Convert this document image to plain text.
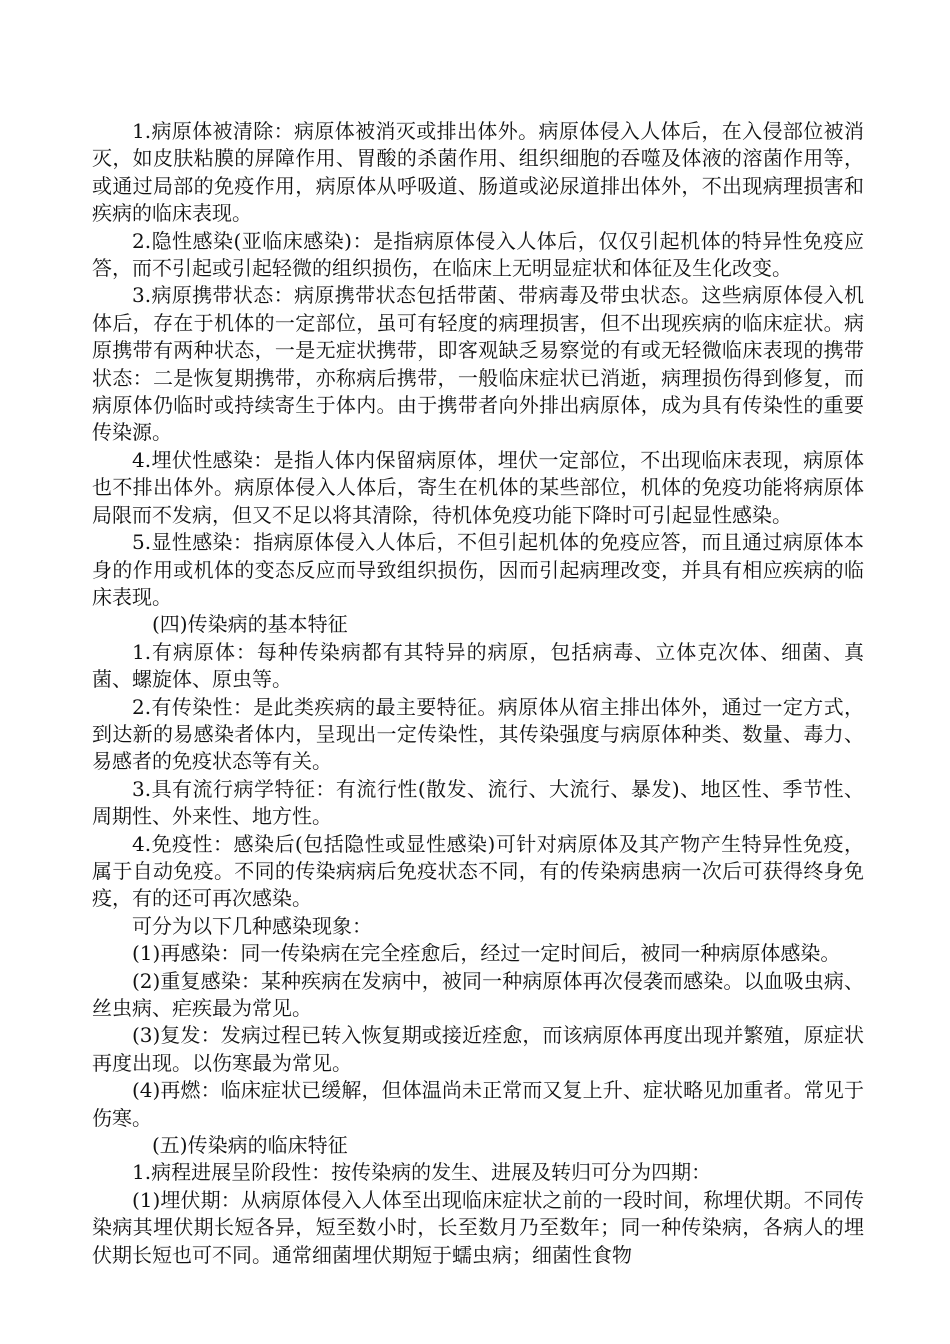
1.病原体被清除：病原体被消灭或排出体外。病原体侵入人体后，在入侵部位被消灭，如皮肤粘膜的屏障作用、胃酸的杀菌作用、组织细胞的吞噬及体液的溶菌作用等，或通过局部的免疫作用，病原体从呼吸道、肠道或泌尿道排出体外，不出现病理损害和疾病的临床表现。

2.隐性感染(亚临床感染)：是指病原体侵入人体后，仅仅引起机体的特异性免疫应答，而不引起或引起轻微的组织损伤，在临床上无明显症状和体征及生化改变。

3.病原携带状态：病原携带状态包括带菌、带病毒及带虫状态。这些病原体侵入机体后，存在于机体的一定部位，虽可有轻度的病理损害，但不出现疾病的临床症状。病原携带有两种状态，一是无症状携带，即客观缺乏易察觉的有或无轻微临床表现的携带状态：二是恢复期携带，亦称病后携带，一般临床症状已消逝，病理损伤得到修复，而病原体仍临时或持续寄生于体内。由于携带者向外排出病原体，成为具有传染性的重要传染源。

4.埋伏性感染：是指人体内保留病原体，埋伏一定部位，不出现临床表现，病原体也不排出体外。病原体侵入人体后，寄生在机体的某些部位，机体的免疫功能将病原体局限而不发病，但又不足以将其清除，待机体免疫功能下降时可引起显性感染。

5.显性感染：指病原体侵入人体后，不但引起机体的免疫应答，而且通过病原体本身的作用或机体的变态反应而导致组织损伤，因而引起病理改变，并具有相应疾病的临床表现。

(四)传染病的基本特征

1.有病原体：每种传染病都有其特异的病原，包括病毒、立体克次体、细菌、真菌、螺旋体、原虫等。

2.有传染性：是此类疾病的最主要特征。病原体从宿主排出体外，通过一定方式，到达新的易感染者体内，呈现出一定传染性，其传染强度与病原体种类、数量、毒力、易感者的免疫状态等有关。

3.具有流行病学特征：有流行性(散发、流行、大流行、暴发)、地区性、季节性、周期性、外来性、地方性。

4.免疫性：感染后(包括隐性或显性感染)可针对病原体及其产物产生特异性免疫，属于自动免疫。不同的传染病病后免疫状态不同，有的传染病患病一次后可获得终身免疫，有的还可再次感染。

可分为以下几种感染现象：

(1)再感染：同一传染病在完全痊愈后，经过一定时间后，被同一种病原体感染。

(2)重复感染：某种疾病在发病中，被同一种病原体再次侵袭而感染。以血吸虫病、丝虫病、疟疾最为常见。

(3)复发：发病过程已转入恢复期或接近痊愈，而该病原体再度出现并繁殖，原症状再度出现。以伤寒最为常见。

(4)再燃：临床症状已缓解，但体温尚未正常而又复上升、症状略见加重者。常见于伤寒。

(五)传染病的临床特征

1.病程进展呈阶段性：按传染病的发生、进展及转归可分为四期：

(1)埋伏期：从病原体侵入人体至出现临床症状之前的一段时间，称埋伏期。不同传染病其埋伏期长短各异，短至数小时，长至数月乃至数年；同一种传染病，各病人的埋伏期长短也可不同。通常细菌埋伏期短于蠕虫病；细菌性食物
